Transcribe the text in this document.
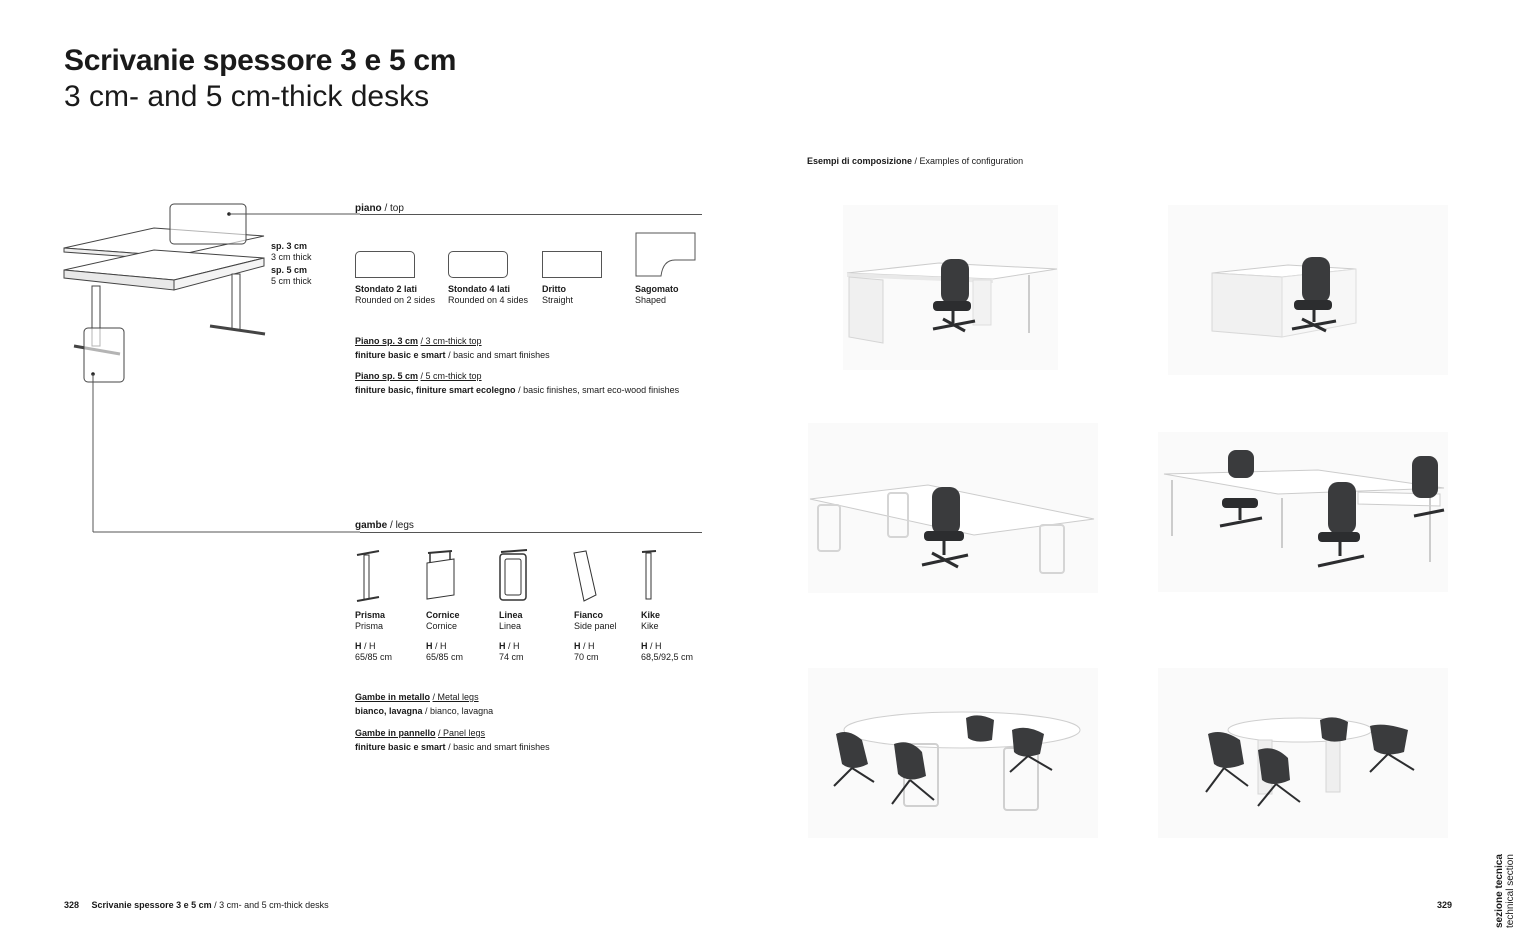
Scrivanie spessore 3 e 5 cm
3 cm- and 5 cm-thick desks
sp. 3 cm
3 cm thick
sp. 5 cm
5 cm thick
piano / top
Stondato 2 lati
Rounded on 2 sides
Stondato 4 lati
Rounded on 4 sides
Dritto
Straight
Sagomato
Shaped
Piano sp. 3 cm / 3 cm-thick top
finiture basic e smart / basic and smart finishes
Piano sp. 5 cm / 5 cm-thick top
finiture basic, finiture smart ecolegno / basic finishes, smart eco-wood finishes
gambe / legs
Prisma
Prisma
H / H
65/85 cm
Cornice
Cornice
H / H
65/85 cm
Linea
Linea
H / H
74 cm
Fianco
Side panel
H / H
70 cm
Kike
Kike
H / H
68,5/92,5 cm
Gambe in metallo / Metal legs
bianco, lavagna / bianco, lavagna
Gambe in pannello / Panel legs
finiture basic e smart / basic and smart finishes
Esempi di composizione / Examples of configuration
328 Scrivanie spessore 3 e 5 cm / 3 cm- and 5 cm-thick desks	329	sezione tecnica technical section
